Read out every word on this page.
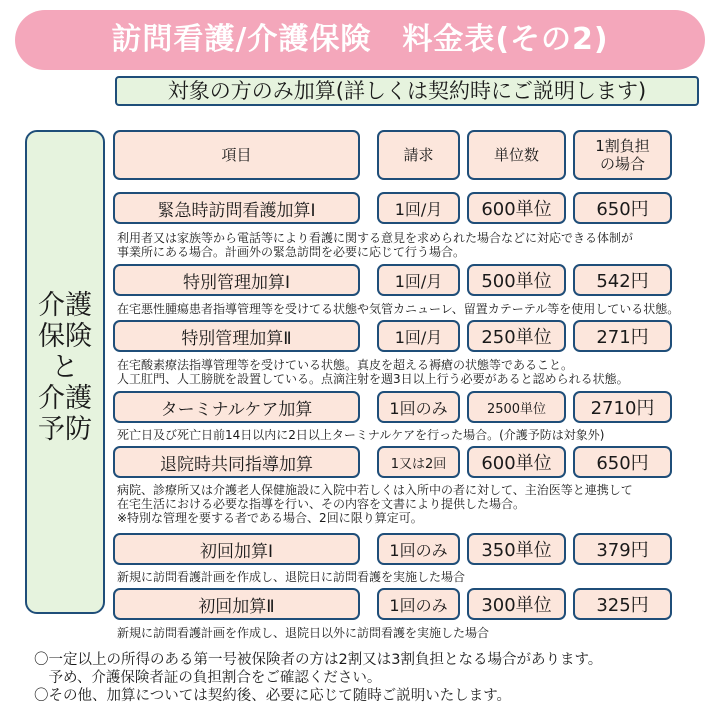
訪問看護/介護保険　料金表(その2)
対象の方のみ加算(詳しくは契約時にご説明します)
介護
保険
と
介護
予防
項目	請求	単位数	1割負担
の場合
緊急時訪問看護加算Ⅰ	1回/月 600単位 650円
利用者又は家族等から電話等により看護に関する意見を求められた場合などに対応できる体制が
事業所にある場合。計画外の緊急訪問を必要に応じて行う場合。
特別管理加算Ⅰ	1回/月 500単位 542円
在宅悪性腫瘍患者指導管理等を受けてる状態や気管カニューレ、留置カテーテル等を使用している状態。
特別管理加算Ⅱ	1回/月 250単位 271円
在宅酸素療法指導管理等を受けている状態。真皮を超える褥瘡の状態等であること。
人工肛門、人工膀胱を設置している。点滴注射を週3日以上行う必要があると認められる状態。
ターミナルケア加算	1回のみ	2500単位 2710円
死亡日及び死亡日前14日以内に2日以上ターミナルケアを行った場合。(介護予防は対象外)
退院時共同指導加算	1又は2回 600単位 650円
病院、診療所又は介護老人保健施設に入院中若しくは入所中の者に対して、主治医等と連携して
在宅生活における必要な指導を行い、その内容を文書により提供した場合。
※特別な管理を要する者である場合、2回に限り算定可。
初回加算Ⅰ	1回のみ 350単位 379円
新規に訪問看護計画を作成し、退院日に訪問看護を実施した場合
初回加算Ⅱ	1回のみ 300単位 325円
新規に訪問看護計画を作成し、退院日以外に訪問看護を実施した場合
〇一定以上の所得のある第一号被保険者の方は2割又は3割負担となる場合があります。
　予め、介護保険者証の負担割合をご確認ください。
〇その他、加算については契約後、必要に応じて随時ご説明いたします。
